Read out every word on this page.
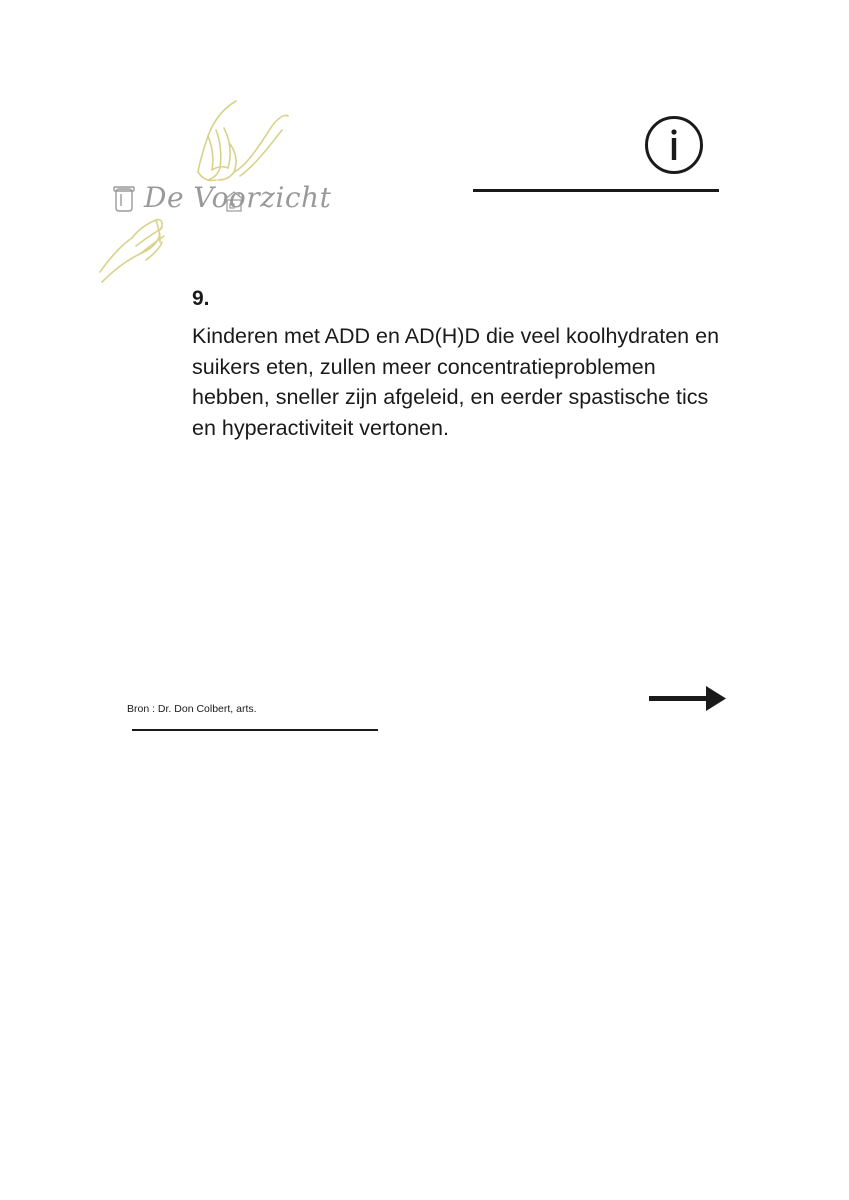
De Voorzicht
9.
Kinderen met ADD en AD(H)D die veel koolhydraten en suikers eten, zullen meer concentratieproblemen hebben, sneller zijn afgeleid, en eerder spastische tics en hyperactiviteit vertonen.
Bron : Dr. Don Colbert, arts.
